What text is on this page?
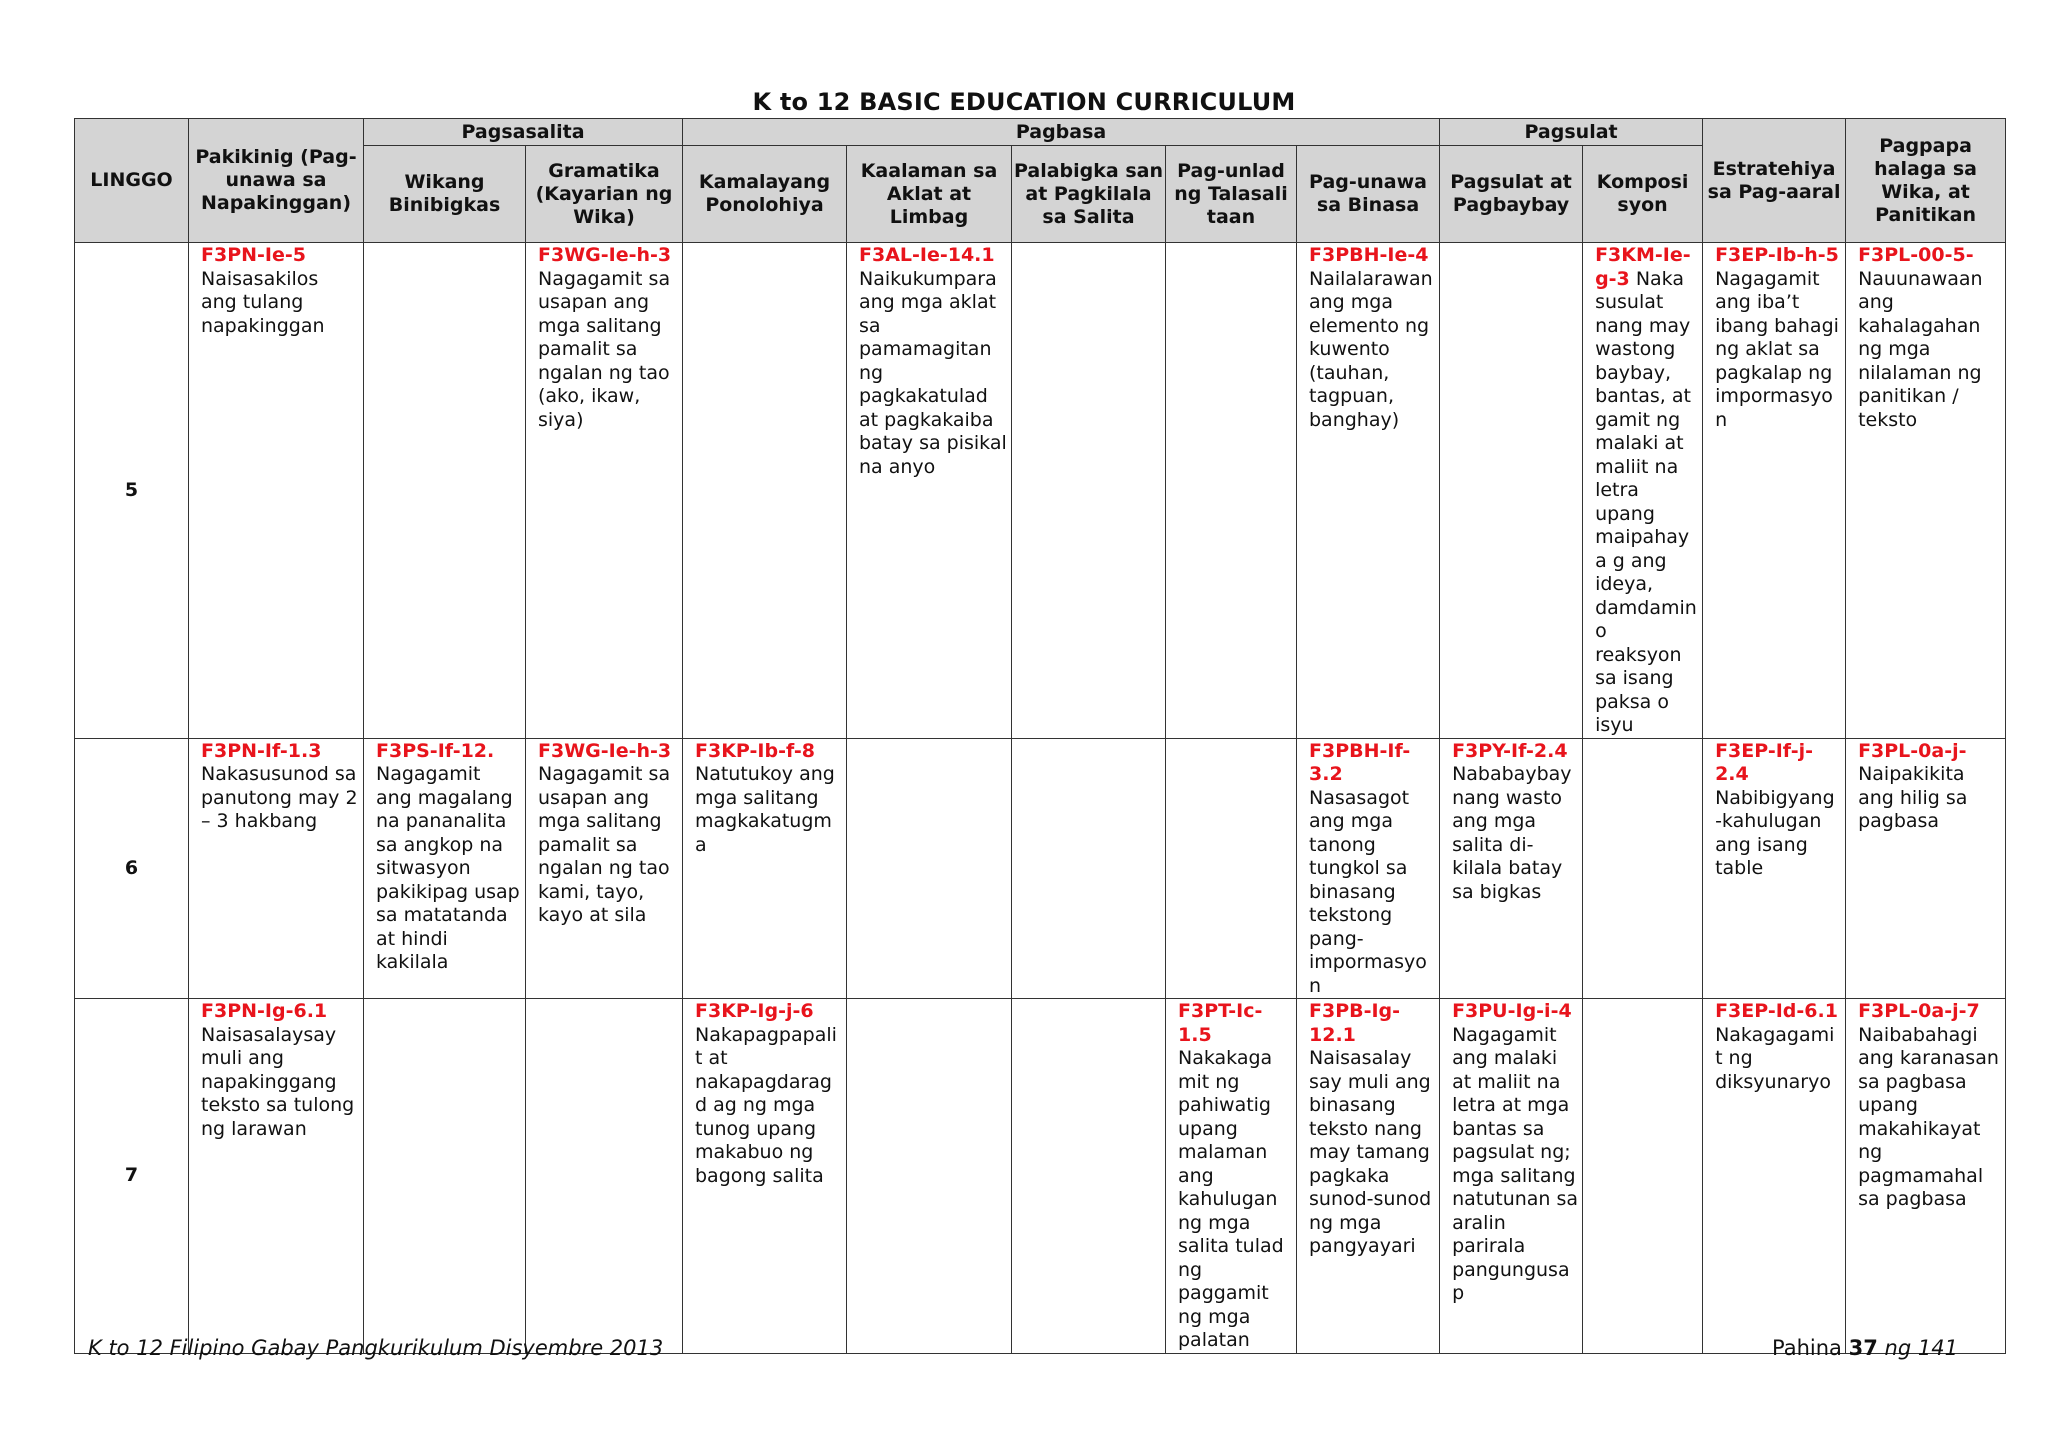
K to 12 BASIC EDUCATION CURRICULUM
LINGGO	Pakikinig (Pag-unawa sa Napakinggan)	Pagsasalita		Pagbasa					Pagsulat		Estratehiya sa Pag-aaral	Pagpapa halaga sa Wika, at Panitikan
		Wikang Binibigkas	Gramatika (Kayarian ng Wika)	Kamalayang Ponolohiya	Kaalaman sa Aklat at Limbag	Palabigka san at Pagkilala sa Salita	Pag-unlad ng Talasali taan	Pag-unawa sa Binasa	Pagsulat at Pagbaybay	Komposi syon		
5	F3PN-Ie-5 Naisasakilos ang tulang napakinggan		F3WG-Ie-h-3 Nagagamit sa usapan ang mga salitang pamalit sa ngalan ng tao (ako, ikaw, siya)		F3AL-Ie-14.1 Naikukumpara ang mga aklat sa pamamagitan ng pagkakatulad at pagkakaiba batay sa pisikal na anyo			F3PBH-Ie-4 Nailalarawan ang mga elemento ng kuwento (tauhan, tagpuan, banghay)		F3KM-Ie-g-3 Naka susulat nang may wastong baybay, bantas, at gamit ng malaki at maliit na letra upang maipahaya g ang ideya, damdamin o reaksyon sa isang paksa o isyu	F3EP-Ib-h-5 Nagagamit ang iba’t ibang bahagi ng aklat sa pagkalap ng impormasyon	F3PL-00-5- Nauunawaan ang kahalagahan ng mga nilalaman ng panitikan / teksto
6	F3PN-If-1.3 Nakasusunod sa panutong may 2 – 3 hakbang	F3PS-If-12. Nagagamit ang magalang na pananalita sa angkop na sitwasyon pakikipag usap sa matatanda at hindi kakilala	F3WG-Ie-h-3 Nagagamit sa usapan ang mga salitang pamalit sa ngalan ng tao kami, tayo, kayo at sila	F3KP-Ib-f-8 Natutukoy ang mga salitang magkakatugma				F3PBH-If-3.2 Nasasagot ang mga tanong tungkol sa binasang tekstong pang-impormasyon	F3PY-If-2.4 Nababaybay nang wasto ang mga salita di-kilala batay sa bigkas		F3EP-If-j-2.4 Nabibigyang-kahulugan ang isang table	F3PL-0a-j- Naipakikita ang hilig sa pagbasa
7	F3PN-Ig-6.1 Naisasalaysay muli ang napakinggang teksto sa tulong ng larawan			F3KP-Ig-j-6 Nakapagpapalit at nakapagdaragd ag ng mga tunog upang makabuo ng bagong salita			F3PT-Ic-1.5 Nakakaga mit ng pahiwatig upang malaman ang kahulugan ng mga salita tulad ng paggamit ng mga palatan	F3PB-Ig-12.1 Naisasalay say muli ang binasang teksto nang may tamang pagkaka sunod-sunod ng mga pangyayari	F3PU-Ig-i-4 Nagagamit ang malaki at maliit na letra at mga bantas sa pagsulat ng; mga salitang natutunan sa aralin parirala pangungusap		F3EP-Id-6.1 Nakagagamit ng diksyunaryo	F3PL-0a-j-7 Naibabahagi ang karanasan sa pagbasa upang makahikayat ng pagmamahal sa pagbasa
K to 12 Filipino Gabay Pangkurikulum Disyembre 2013	Pahina 37 ng 141
